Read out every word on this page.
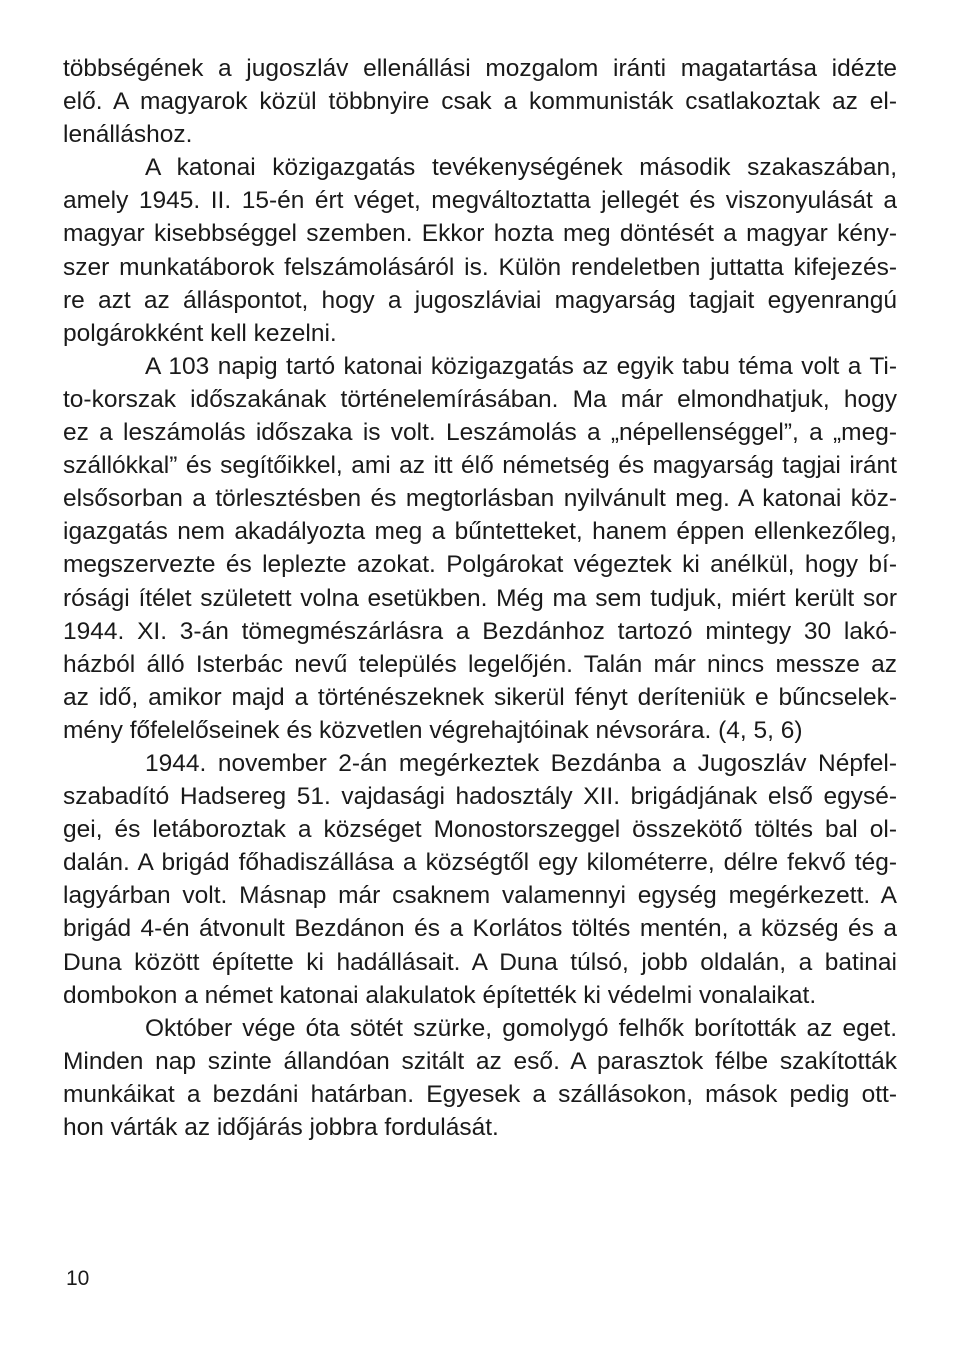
többségének a jugoszláv ellenállási mozgalom iránti magatartása idézte
elő. A magyarok közül többnyire csak a kommunisták csatlakoztak az el-
lenálláshoz.
A katonai közigazgatás tevékenységének második szakaszában,
amely 1945. II. 15-én ért véget, megváltoztatta jellegét és viszonyulását a
magyar kisebbséggel szemben. Ekkor hozta meg döntését a magyar kény-
szer munkatáborok felszámolásáról is. Külön rendeletben juttatta kifejezés-
re azt az álláspontot, hogy a jugoszláviai magyarság tagjait egyenrangú
polgárokként kell kezelni.
A 103 napig tartó katonai közigazgatás az egyik tabu téma volt a Ti-
to-korszak időszakának történelemírásában. Ma már elmondhatjuk, hogy
ez a leszámolás időszaka is volt. Leszámolás a „népellenséggel”, a „meg-
szállókkal” és segítőikkel, ami az itt élő németség és magyarság tagjai iránt
elsősorban a törlesztésben és megtorlásban nyilvánult meg. A katonai köz-
igazgatás nem akadályozta meg a bűntetteket, hanem éppen ellenkezőleg,
megszervezte és leplezte azokat. Polgárokat végeztek ki anélkül, hogy bí-
rósági ítélet született volna esetükben. Még ma sem tudjuk, miért került sor
1944. XI. 3-án tömegmészárlásra a Bezdánhoz tartozó mintegy 30 lakó-
házból álló Isterbác nevű település legelőjén. Talán már nincs messze az
az idő, amikor majd a történészeknek sikerül fényt deríteniük e bűncselek-
mény főfelelőseinek és közvetlen végrehajtóinak névsorára. (4, 5, 6)
1944. november 2-án megérkeztek Bezdánba a Jugoszláv Népfel-
szabadító Hadsereg 51. vajdasági hadosztály XII. brigádjának első egysé-
gei, és letáboroztak a községet Monostorszeggel összekötő töltés bal ol-
dalán. A brigád főhadiszállása a községtől egy kilométerre, délre fekvő tég-
lagyárban volt. Másnap már csaknem valamennyi egység megérkezett. A
brigád 4-én átvonult Bezdánon és a Korlátos töltés mentén, a község és a
Duna között építette ki hadállásait. A Duna túlsó, jobb oldalán, a batinai
dombokon a német katonai alakulatok építették ki védelmi vonalaikat.
Október vége óta sötét szürke, gomolygó felhők borították az eget.
Minden nap szinte állandóan szitált az eső. A parasztok félbe szakították
munkáikat a bezdáni határban. Egyesek a szállásokon, mások pedig ott-
hon várták az időjárás jobbra fordulását.
10
